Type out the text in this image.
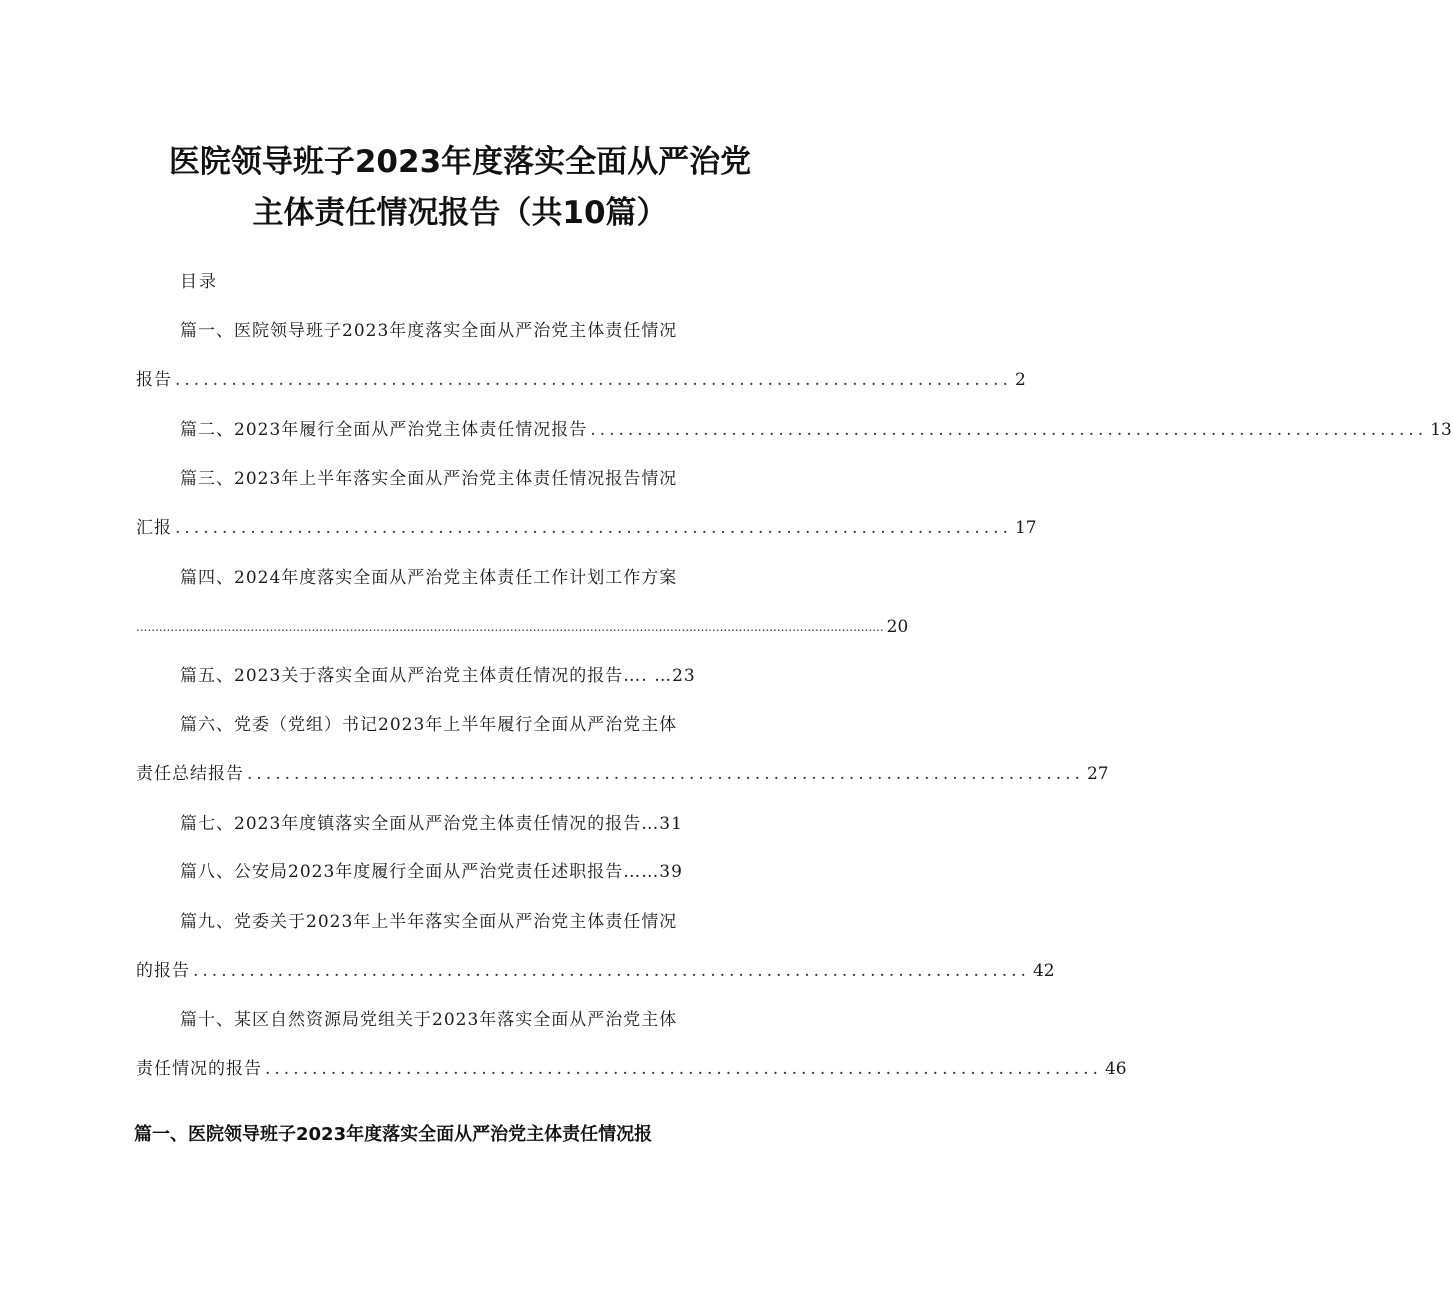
医院领导班子2023年度落实全面从严治党
主体责任情况报告（共10篇）
目录
篇一、医院领导班子2023年度落实全面从严治党主体责任情况
报告 ......................................................................................... 2
篇二、2023年履行全面从严治党主体责任情况报告 ......................................................................................... 13
篇三、2023年上半年落实全面从严治党主体责任情况报告情况
汇报 ......................................................................................... 17
篇四、2024年度落实全面从严治党主体责任工作计划工作方案
.................................................................................................................................................................................................... 20
篇五、2023关于落实全面从严治党主体责任情况的报告…. …23
篇六、党委（党组）书记2023年上半年履行全面从严治党主体
责任总结报告 ......................................................................................... 27
篇七、2023年度镇落实全面从严治党主体责任情况的报告…31
篇八、公安局2023年度履行全面从严治党责任述职报告……39
篇九、党委关于2023年上半年落实全面从严治党主体责任情况
的报告 ......................................................................................... 42
篇十、某区自然资源局党组关于2023年落实全面从严治党主体
责任情况的报告 ......................................................................................... 46
篇一、医院领导班子2023年度落实全面从严治党主体责任情况报
